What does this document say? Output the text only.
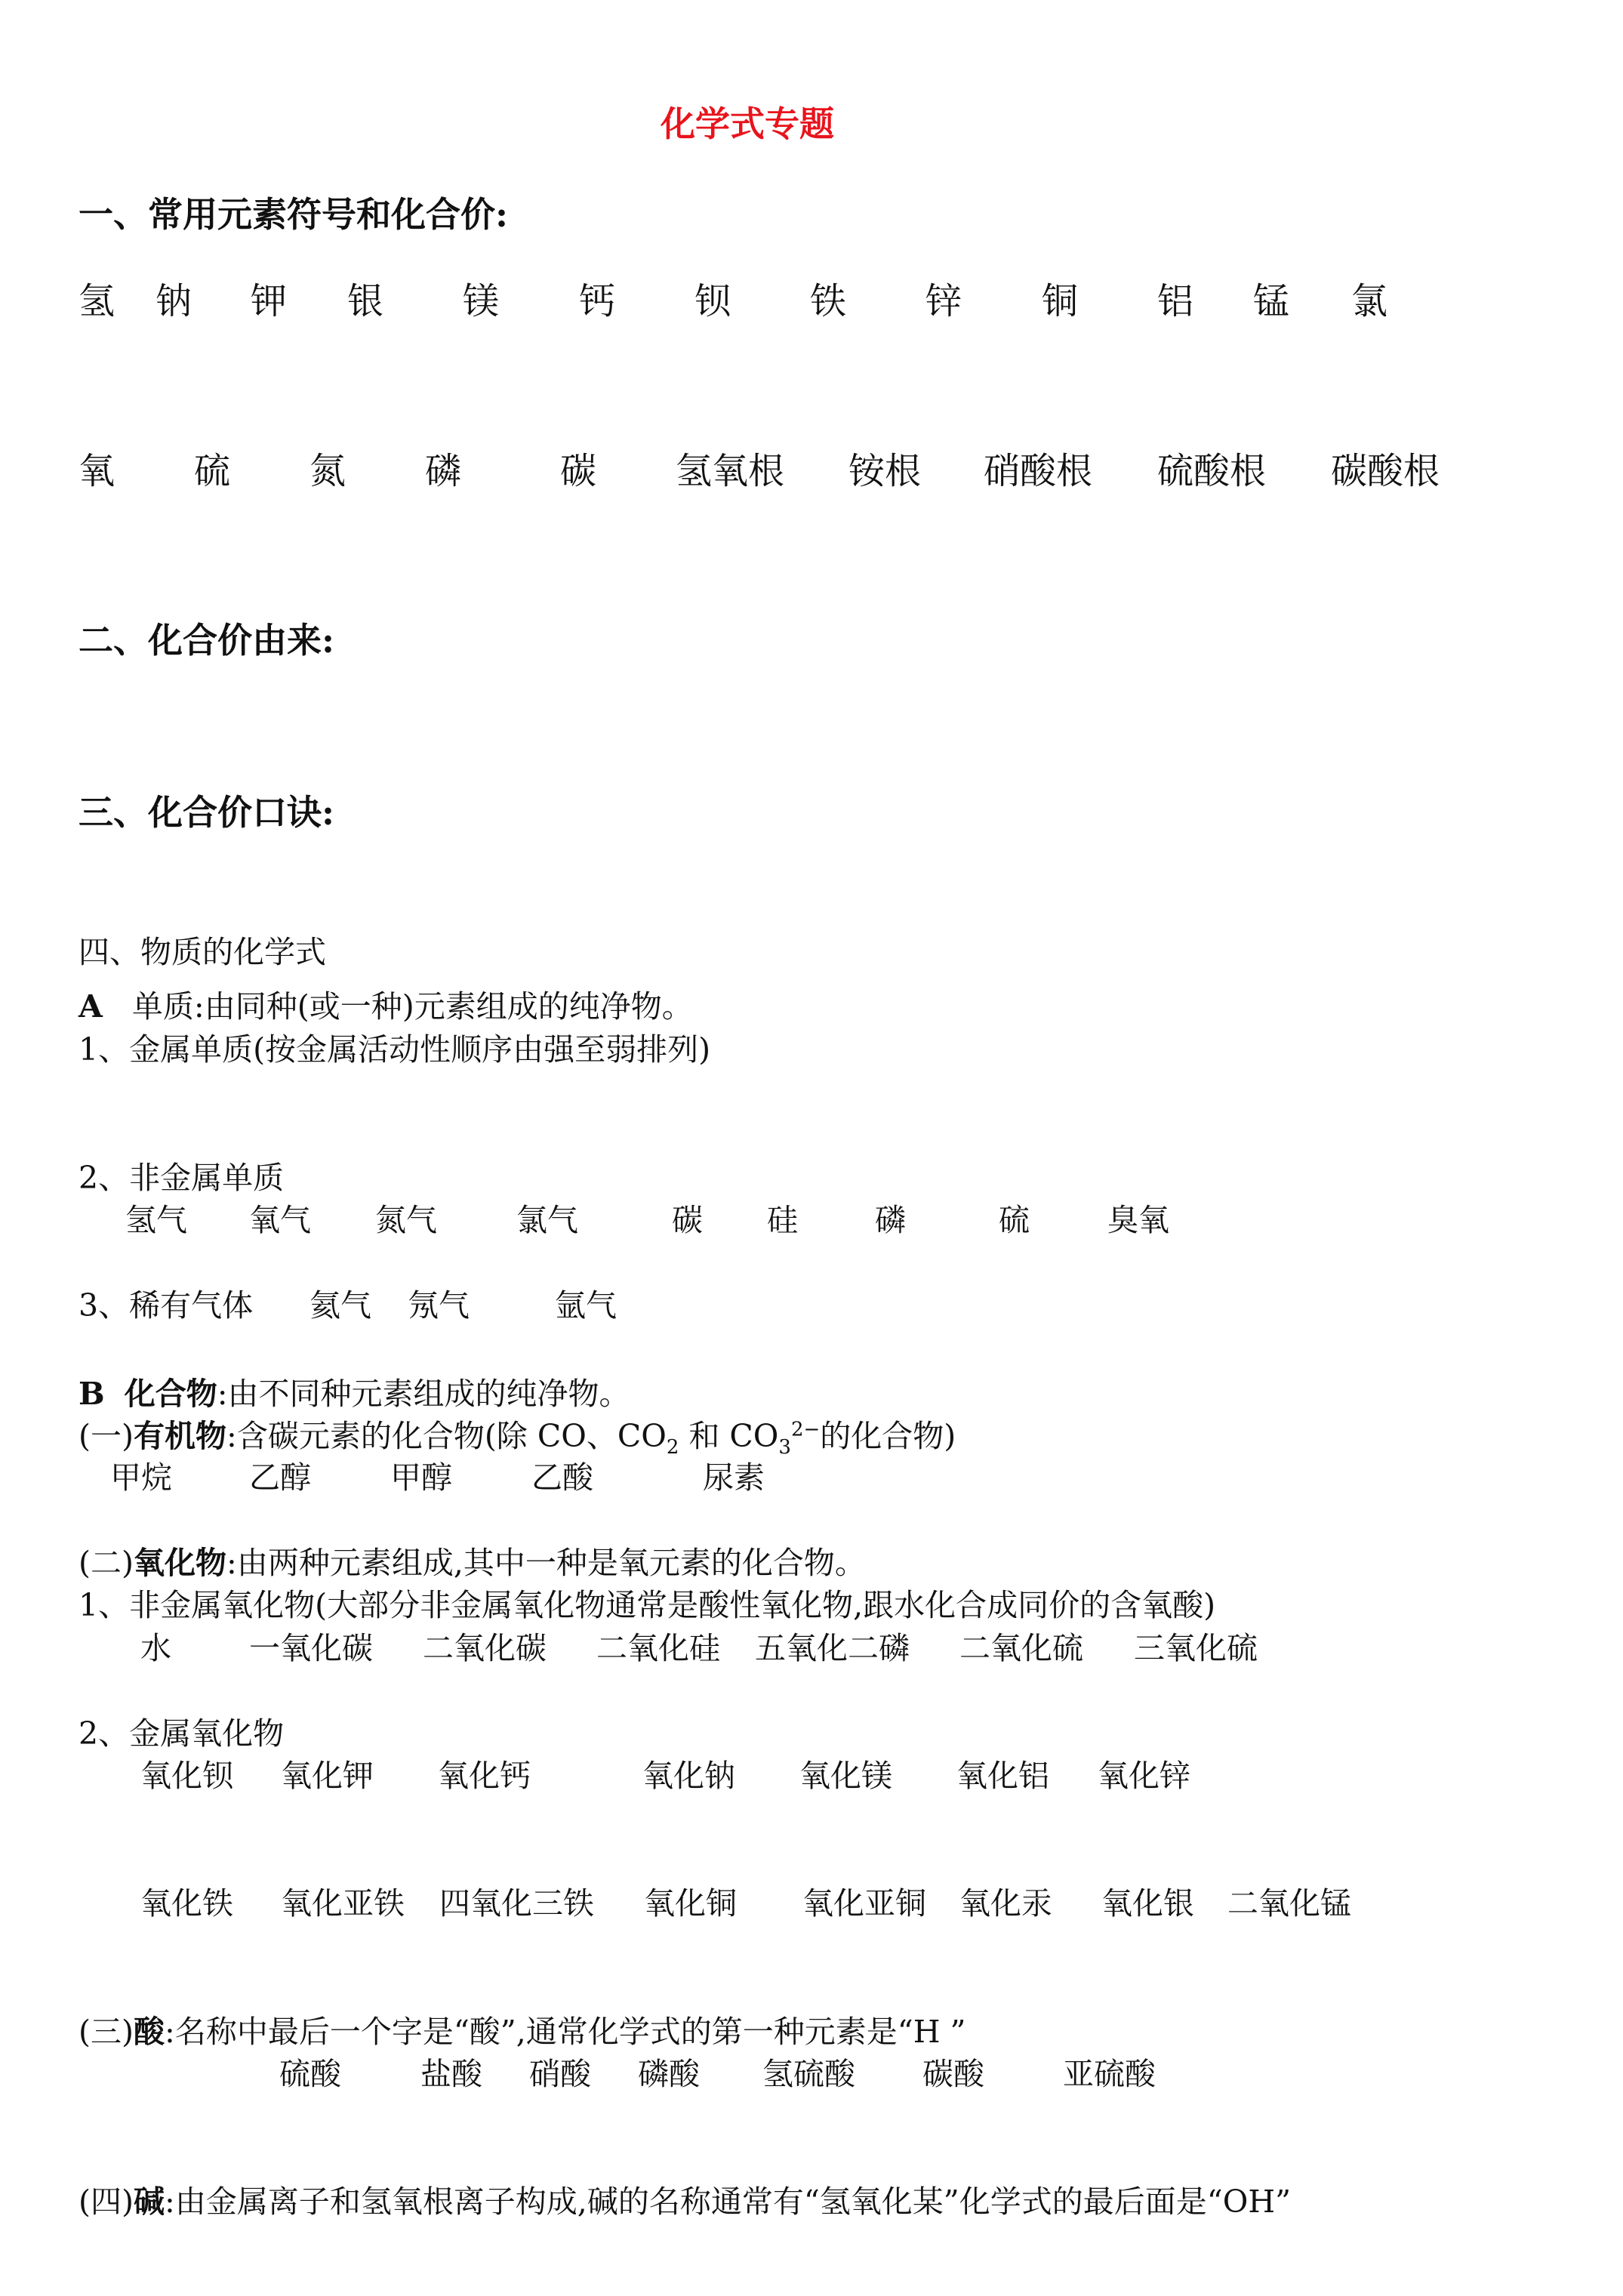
化学式专题
一、常用元素符号和化合价:
氢 钠 钾 银 镁 钙 钡 铁 锌 铜 铝 锰 氯
氧 硫 氮 磷	碳 氢氧根 铵根 硝酸根 硫酸根 碳酸根
二、化合价由来:
三、化合价口诀:
四、物质的化学式
A 单质:由同种(或一种)元素组成的纯净物。
1、金属单质(按金属活动性顺序由强至弱排列)
2、非金属单质
氢气 氧气 氮气	氯气	碳 硅 磷	硫	臭氧
3、稀有气体 氦气 氖气	氩气
B 化合物:由不同种元素组成的纯净物。
(一)有机物:含碳元素的化合物(除 CO、$CO_2$ 和 $CO_3^{2-}$的化合物)
甲烷 乙醇	甲醇	乙酸	尿素
(二)氧化物:由两种元素组成,其中一种是氧元素的化合物。
1、非金属氧化物(大部分非金属氧化物通常是酸性氧化物,跟水化合成同价的含氧酸)
水	一氧化碳 二氧化碳 二氧化硅 五氧化二磷 二氧化硫 三氧化硫
2、金属氧化物
氧化钡 氧化钾 氧化钙	氧化钠 氧化镁 氧化铝 氧化锌
氧化铁 氧化亚铁 四氧化三铁 氧化铜 氧化亚铜 氧化汞 氧化银 二氧化锰
(三)酸:名称中最后一个字是“酸”,通常化学式的第一种元素是“H ”
硫酸	盐酸 硝酸 磷酸 氢硫酸 碳酸	亚硫酸
(四)碱:由金属离子和氢氧根离子构成,碱的名称通常有“氢氧化某”化学式的最后面是“OH”
